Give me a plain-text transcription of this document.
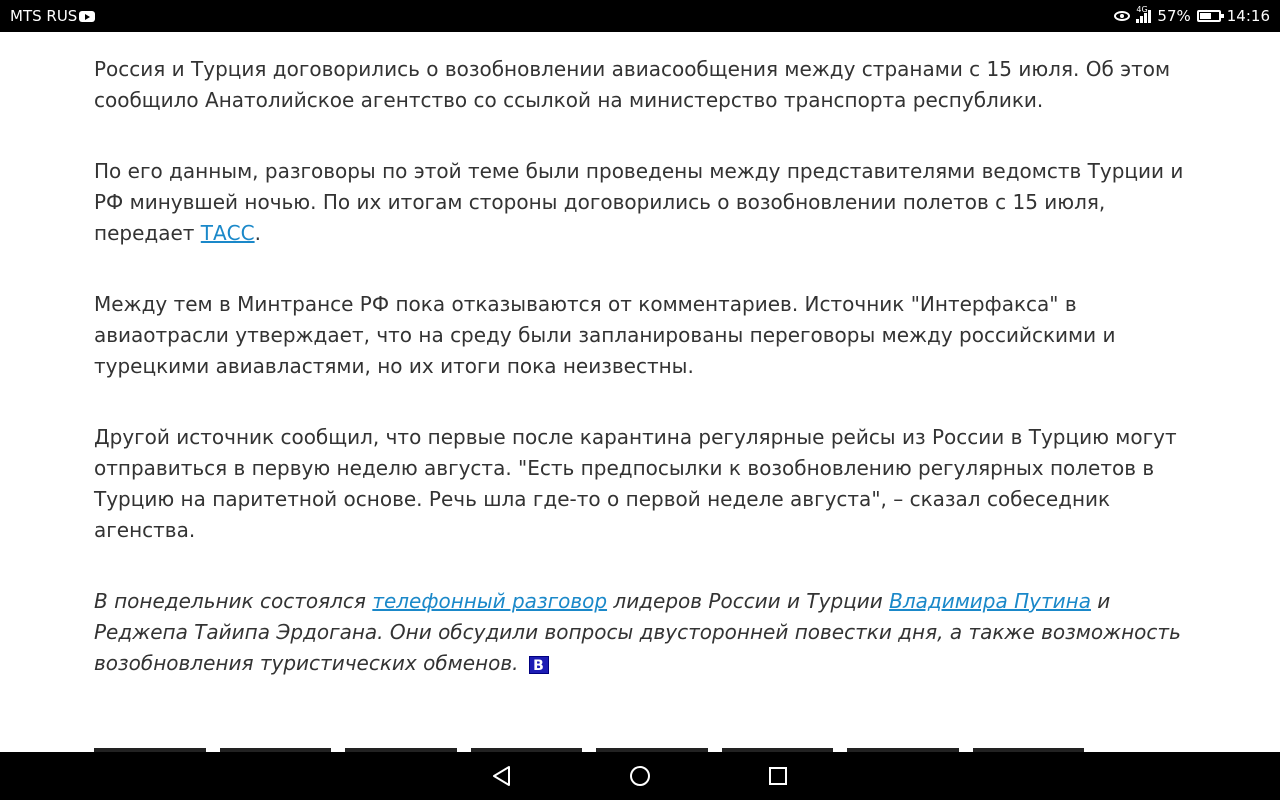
MTS RUS	4G 57% 14:16

Россия и Турция договорились о возобновлении авиасообщения между странами с 15 июля. Об этом сообщило Анатолийское агентство со ссылкой на министерство транспорта республики.

По его данным, разговоры по этой теме были проведены между представителями ведомств Турции и РФ минувшей ночью. По их итогам стороны договорились о возобновлении полетов с 15 июля, передает ТАСС.

Между тем в Минтрансе РФ пока отказываются от комментариев. Источник "Интерфакса" в авиаотрасли утверждает, что на среду были запланированы переговоры между российскими и турецкими авиавластями, но их итоги пока неизвестны.

Другой источник сообщил, что первые после карантина регулярные рейсы из России в Турцию могут отправиться в первую неделю августа. "Есть предпосылки к возобновлению регулярных полетов в Турцию на паритетной основе. Речь шла где-то о первой неделе августа", – сказал собеседник агенства.

В понедельник состоялся телефонный разговор лидеров России и Турции Владимира Путина и Реджепа Тайипа Эрдогана. Они обсудили вопросы двусторонней повестки дня, а также возможность возобновления туристических обменов. B
